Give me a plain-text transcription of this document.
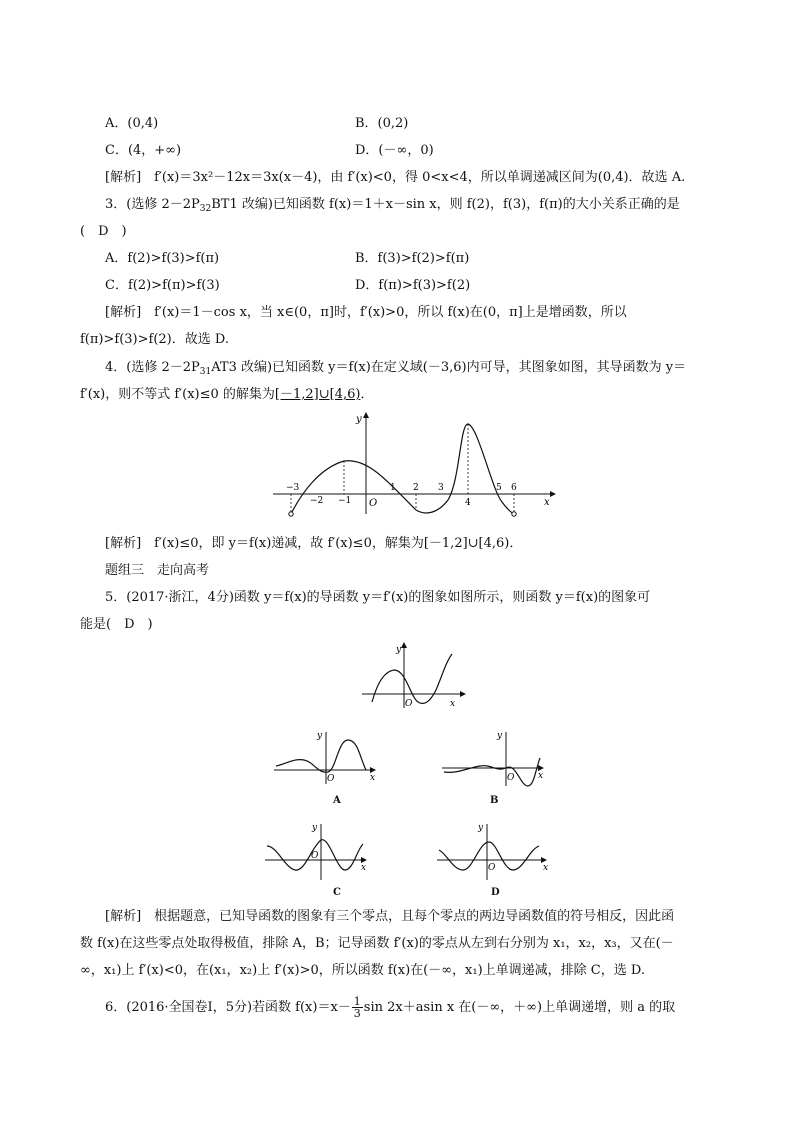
A．(0,4)	B．(0,2)
C．(4，+∞)	D．(－∞，0)
[解析]　f′(x)＝3x²－12x＝3x(x－4)，由 f′(x)<0，得 0<x<4，所以单调递减区间为(0,4)．故选 A.
3．(选修 $2-2P_{32}BT1$ 改编)已知函数 f(x)＝1＋x－sin x，则 f(2)，f(3)，f(π)的大小关系正确的是
(　D　)
A．f(2)>f(3)>f(π)	B．f(3)>f(2)>f(π)
C．f(2)>f(π)>f(3)	D．f(π)>f(3)>f(2)
[解析]　f′(x)＝1－cos x，当 x∈(0，π]时，f′(x)>0，所以 f(x)在(0，π]上是增函数，所以
f(π)>f(3)>f(2)．故选 D.
4．(选修 $2-2P_{31}AT3$ 改编)已知函数 y＝f(x)在定义域(－3,6)内可导，其图象如图，其导函数为 y＝
f′(x)，则不等式 f′(x)≤0 的解集为[－1,2]∪[4,6)．
x
y
O
−3
−2 −1
1 2 3
4
5 6
[解析]　f′(x)≤0，即 y＝f(x)递减，故 f′(x)≤0，解集为[－1,2]∪[4,6)．
题组三　走向高考
5．(2017·浙江，4分)函数 y＝f(x)的导函数 y＝f′(x)的图象如图所示，则函数 y＝f(x)的图象可
能是(　D　)
x
y
O
x
y
O
A
x
y
O
B
x
y
O
C
x
y
O
D
[解析]　根据题意，已知导函数的图象有三个零点，且每个零点的两边导函数值的符号相反，因此函
数 f(x)在这些零点处取得极值，排除 A，B；记导函数 f′(x)的零点从左到右分别为 x₁，x₂，x₃，又在(－
∞，x₁)上 f′(x)<0，在(x₁，x₂)上 f′(x)>0，所以函数 f(x)在(－∞，x₁)上单调递减，排除 C，选 D.
6．(2016·全国卷Ⅰ，5分)若函数 $f(x)=x- \frac{1}{3}$ sin 2x＋asin x 在(－∞，＋∞)上单调递增，则 a 的取
